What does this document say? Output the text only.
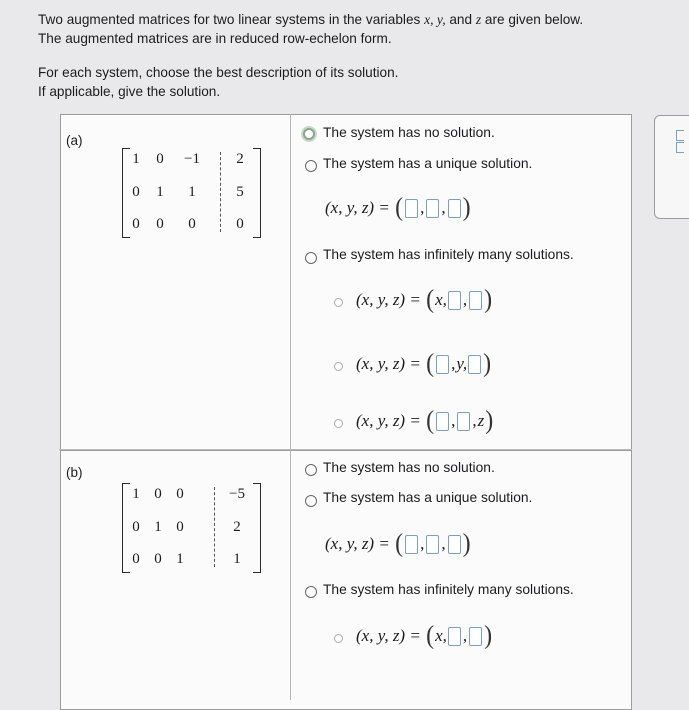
Two augmented matrices for two linear systems in the variables x, y, and z are given below.
The augmented matrices are in reduced row-echelon form.
For each system, choose the best description of its solution.
If applicable, give the solution.
(a)
1	0	−1	2
0	1	1	5
0	0	0	0
The system has no solution.
The system has a unique solution.
(x, y, z) =
( , , )
The system has infinitely many solutions.
(x, y, z) =
( x, , )
(x, y, z) =
( , y, )
(x, y, z) =
( , , z )
(b)
1 0 0	−5
0 1 0	2
0 0 1	1
The system has no solution.
The system has a unique solution.
(x, y, z) =
( , , )
The system has infinitely many solutions.
(x, y, z) =
( x, , )
